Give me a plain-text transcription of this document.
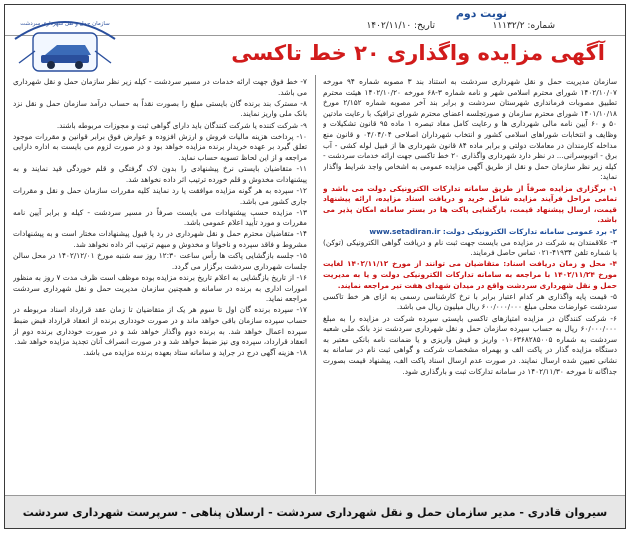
نوبت دوم
شماره: ۱۱۱۳۲/۲
تاریخ: ۱۴۰۲/۱۱/۱۰
سازمان حمل و نقل شهرداری سردشت
آگهی مزایده واگذاری ۲۰ خط تاکسی

سازمان مدیریت حمل و نقل شهرداری سردشت به استناد بند ۳ مصوبه شماره ۹۴ مورخه ۱۴۰۲/۱۰/۰۷ شورای محترم اسلامی شهر و نامه شماره ۳-۶۸ مورخه ۱۴۰۲/۱۰/۲۰ هیئت محترم تطبیق مصوبات فرمانداری شهرستان سردشت و برابر بند آخر مصوبه شماره ۲/۱۵۲ مورخ ۱۴۰۱/۱۰/۱۸ شورای محترم سازمان و صورتجلسه اعضای محترم شورای ترافیک با رعایت مادتین ۵۰ و ۶۰ آیین نامه مالی شهرداری ها و رعایت کامل مفاد تبصره ۱ ماده ۹۵ قانون تشکیلات و وظایف و انتخابات شوراهای اسلامی کشور و انتخاب شهرداران اصلاحی ۰۴/۰۴/۰۴ و قانون منع مداخله کارمندان در معاملات دولتی و برابر ماده ۸۴ قانون شهرداری ها از قبیل لوله کشی - آب برق - اتوبوسرانی... در نظر دارد شهرداری واگذاری ۲۰ خط تاکسی جهت ارائه خدمات سردشت - کیله زیر نظر سازمان حمل و نقل از طریق آگهی مزایده عمومی به اشخاص واجد شرایط واگذار نماید:

۱- برگزاری مزایده صرفاً از طریق سامانه تدارکات الکترونیکی دولت می باشد و تمامی مراحل فرآیند مزایده شامل خرید و دریافت اسناد مزایده، ارائه پیشنهاد قیمت، ارسال پیشنهاد قیمت، بازگشایی پاکت ها در بستر سامانه امکان پذیر می باشد.

۲- برد عمومی سامانه تدارکات الکترونیکی دولت: www.setadiran.ir

۳- علاقمندان به شرکت در مزایده می بایست جهت ثبت نام و دریافت گواهی الکترونیکی (توکن) با شماره تلفن ۴۱۹۳۴-۰۲۱ تماس حاصل فرمایند.

۴- محل و زمان دریافت اسناد: متقاضیان می توانند از مورخ ۱۴۰۲/۱۱/۱۲ لغایت مورخ ۱۴۰۲/۱۱/۲۴ با مراجعه به سامانه تدارکات الکترونیکی دولت و یا به مدیریت حمل و نقل شهرداری سردشت واقع در میدان شهدای هفت تیر مراجعه نمایند.

۵- قیمت پایه واگذاری هر کدام اعتبار برابر با نرخ کارشناسی رسمی به ازای هر خط تاکسی سردشت عوارضات محلی مبلغ ۶۰۰/۰۰۰/۰۰۰ ریال میلیون ریال می باشد.

۶- شرکت کنندگان در مزایده امتیازهای تاکسی بایستی سپرده شرکت در مزایده را به مبلغ ۶۰/۰۰۰/۰۰۰ ریال به حساب سپرده سازمان حمل و نقل شهرداری سردشت نزد بانک ملی شعبه سردشت به شماره ۰۱۰۶۳۶۸۲۸۵۰۰۵ واریز و فیش واریزی و یا ضمانت نامه بانکی معتبر به دستگاه مزایده گذار در پاکت الف و بهمراه مشخصات شرکت و گواهی ثبت نام در سامانه به نشانی تعیین شده ارسال نمایند. در صورت عدم ارسال اسناد پاکت الف، پیشنهاد قیمت بصورت جداگانه تا مورخه ۱۴۰۲/۱۱/۳۰ در سامانه تدارکات ثبت و بارگذاری شود.

۷- خط فوق جهت ارائه خدمات در مسیر سردشت - کیله زیر نظر سازمان حمل و نقل شهرداری می باشد.

۸- مسترک بند برنده گان بایستی مبلغ را بصورت نقداً به حساب درآمد سازمان حمل و نقل نزد بانک ملی واریز نمایند.

۹- شرکت کننده یا شرکت کنندگان باید دارای گواهی ثبت و مجوزات مربوطه باشند.

۱۰- پرداخت هزینه مالیات فروش و ارزش افزوده و عوارض فوق برابر قوانین و مقررات موجود تعلق گیرد بر عهده خریدار برنده مزایده خواهد بود و در صورت لزوم می بایست به اداره دارایی مراجعه و از این لحاظ تسویه حساب نماید.

۱۱- متقاضیان بایستی نرخ پیشنهادی را بدون لاک گرفتگی و قلم خوردگی قید نمایند و به پیشنهادات مخدوش و قلم خورده ترتیب اثر داده نخواهد شد.

۱۲- سپرده به هر گونه مزایده موافقت یا رد نمایند کلیه مقررات سازمان حمل و نقل و مقررات جاری کشور می باشد.

۱۳- مزایده حسب پیشنهادات می بایست صرفاً در مسیر سردشت - کیله و برابر آیین نامه مقررات و مورد تأیید اعلام عمومی باشد.

۱۴- متقاضیان محترم حمل و نقل شهرداری در رد یا قبول پیشنهادات مختار است و به پیشنهادات مشروط و فاقد سپرده و ناخوانا و مخدوش و مبهم ترتیب اثر داده نخواهد شد.

۱۵- جلسه بازگشایی پاکت ها رأس ساعت ۱۲:۳۰ روز سه شنبه مورخ ۱۴۰۲/۱۲/۰۱ در محل سالن جلسات شهرداری سردشت برگزار می گردد.

۱۶- از تاریخ بازگشایی به اعلام تاریخ برنده مزایده بوده موظف است ظرف مدت ۷ روز به منظور امورات اداری به برنده در سامانه و همچنین سازمان مدیریت حمل و نقل شهرداری سردشت مراجعه نماید.

۱۷- سپرده برنده گان اول تا سوم هر یک از متقاضیان تا زمان عقد قرارداد اسناد مربوطه در حساب سپرده سازمان باقی خواهد ماند و در صورت خودداری برنده از انعقاد قرارداد قبض ضبط سپرده اعمال خواهد شد. به برنده دوم واگذار خواهد شد و در صورت خودداری برنده دوم از انعقاد قرارداد، سپرده وی نیز ضبط خواهد شد و در صورت انصراف آنان تجدید مزایده خواهد شد.

۱۸- هزینه آگهی درج در جراید و سامانه ستاد بعهده برنده مزایده می باشد.

سیروان قادری - مدیر سازمان حمل و نقل شهرداری سردشت - ارسلان پناهی - سرپرست شهرداری سردشت
